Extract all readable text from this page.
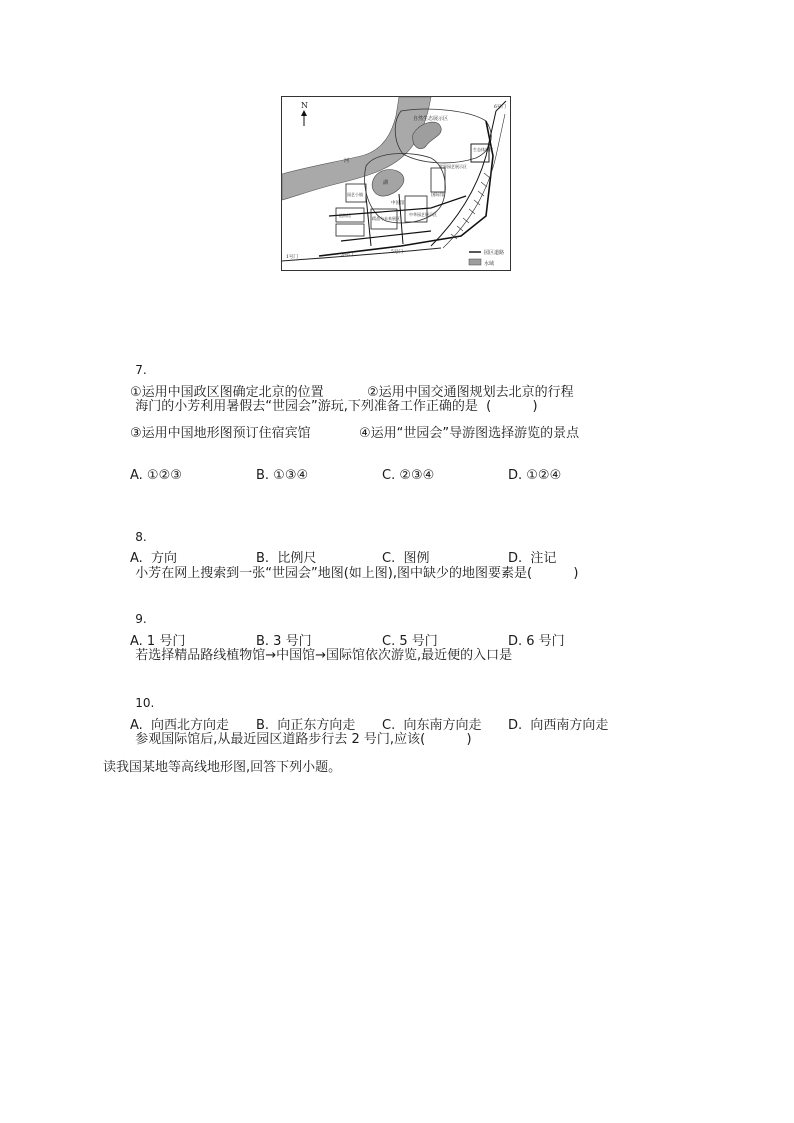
N
自然生态展示区
河
湖
生态体验馆
世界园艺展示区
国际馆
中国馆
中华园艺展示区
园艺小镇
植物馆
精品与未来展区
1号门	3号门
5号门
6号门
园区道路
水域

7.

海门的小芳利用暑假去“世园会”游玩,下列准备工作正确的是  (          )

①运用中国政区图确定北京的位置	②运用中国交通图规划去北京的行程
③运用中国地形图预订住宿宾馆	④运用“世园会”导游图选择游览的景点
A. ①②③	B. ①③④	C. ②③④	D. ①②④

8.

小芳在网上搜索到一张“世园会”地图(如上图),图中缺少的地图要素是(          )

A.  方向	B.  比例尺	C.  图例	D.  注记

9.

若选择精品路线植物馆→中国馆→国际馆依次游览,最近便的入口是

A. 1 号门	B. 3 号门	C. 5 号门	D. 6 号门

10.

参观国际馆后,从最近园区道路步行去 2 号门,应该(          )

A.  向西北方向走 B.  向正东方向走 C.  向东南方向走 D.  向西南方向走
读我国某地等高线地形图,回答下列小题。
